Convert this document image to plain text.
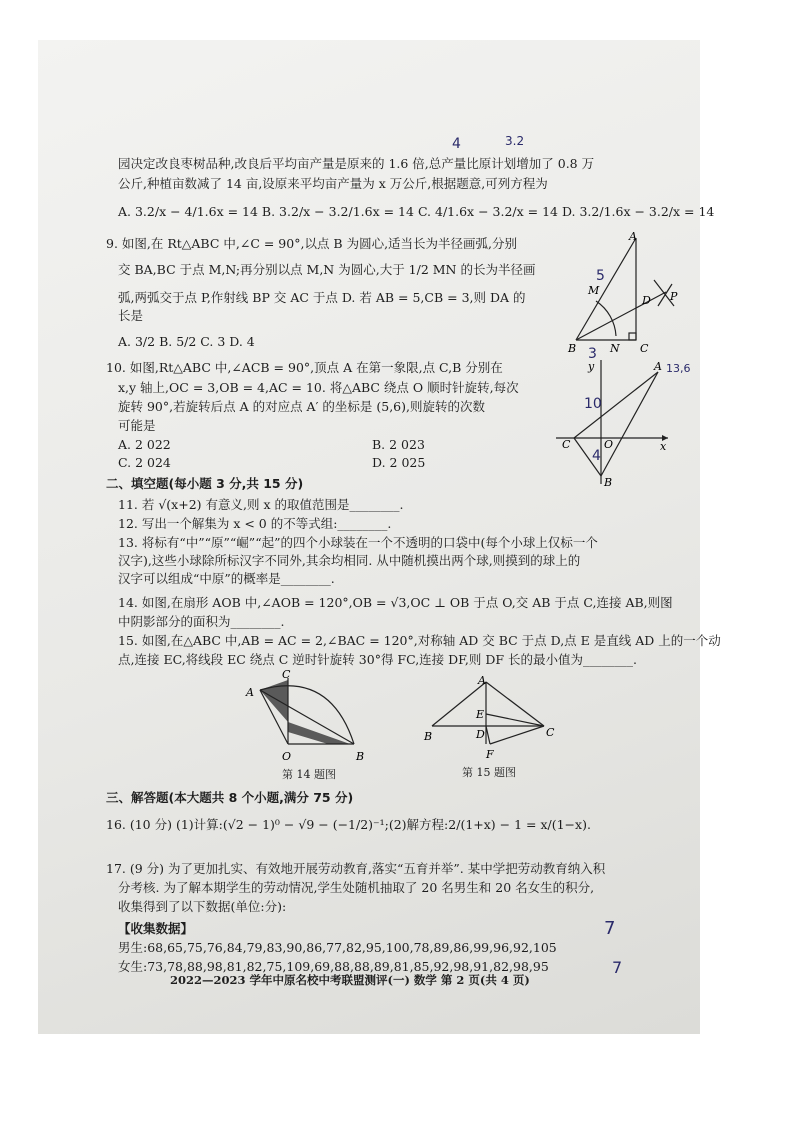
4	3.2
园决定改良枣树品种,改良后平均亩产量是原来的 1.6 倍,总产量比原计划增加了 0.8 万
公斤,种植亩数减了 14 亩,设原来平均亩产量为 x 万公斤,根据题意,可列方程为
A. 3.2/x − 4/1.6x = 14 B. 3.2/x − 3.2/1.6x = 14 C. 4/1.6x − 3.2/x = 14 D. 3.2/1.6x − 3.2/x = 14
9. 如图,在 Rt△ABC 中,∠C = 90°,以点 B 为圆心,适当长为半径画弧,分别
交 BA,BC 于点 M,N;再分别以点 M,N 为圆心,大于 1/2 MN 的长为半径画
弧,两弧交于点 P,作射线 BP 交 AC 于点 D. 若 AB = 5,CB = 3,则 DA 的
长是
A. 3/2 B. 5/2 C. 3 D. 4
A
M
D P
B	N C
5
3
10. 如图,Rt△ABC 中,∠ACB = 90°,顶点 A 在第一象限,点 C,B 分别在
x,y 轴上,OC = 3,OB = 4,AC = 10. 将△ABC 绕点 O 顺时针旋转,每次
旋转 90°,若旋转后点 A 的对应点 A′ 的坐标是 (5,6),则旋转的次数
可能是
A. 2 022	B. 2 023
C. 2 024	D. 2 025
y	A
C	O	x
B
13,6
10
4
二、填空题(每小题 3 分,共 15 分)
11. 若 √(x+2) 有意义,则 x 的取值范围是________.
12. 写出一个解集为 x < 0 的不等式组:________.
13. 将标有“中”“原”“崛”“起”的四个小球装在一个不透明的口袋中(每个小球上仅标一个
汉字),这些小球除所标汉字不同外,其余均相同. 从中随机摸出两个球,则摸到的球上的
汉字可以组成“中原”的概率是________.
14. 如图,在扇形 AOB 中,∠AOB = 120°,OB = √3,OC ⊥ OB 于点 O,交 AB 于点 C,连接 AB,则图
中阴影部分的面积为________.
15. 如图,在△ABC 中,AB = AC = 2,∠BAC = 120°,对称轴 AD 交 BC 于点 D,点 E 是直线 AD 上的一个动
点,连接 EC,将线段 EC 绕点 C 逆时针旋转 30°得 FC,连接 DF,则 DF 长的最小值为________.
A
C
O	B
第 14 题图
A
E
B	D	C
F
第 15 题图
三、解答题(本大题共 8 个小题,满分 75 分)
16. (10 分) (1)计算:(√2 − 1)⁰ − √9 − (−1/2)⁻¹;(2)解方程:2/(1+x) − 1 = x/(1−x).
17. (9 分) 为了更加扎实、有效地开展劳动教育,落实“五育并举”. 某中学把劳动教育纳入积
分考核. 为了解本期学生的劳动情况,学生处随机抽取了 20 名男生和 20 名女生的积分,
收集得到了以下数据(单位:分):
【收集数据】
男生:68,65,75,76,84,79,83,90,86,77,82,95,100,78,89,86,99,96,92,105
女生:73,78,88,98,81,82,75,109,69,88,88,89,81,85,92,98,91,82,98,95
7
7
2022—2023 学年中原名校中考联盟测评(一) 数学 第 2 页(共 4 页)
